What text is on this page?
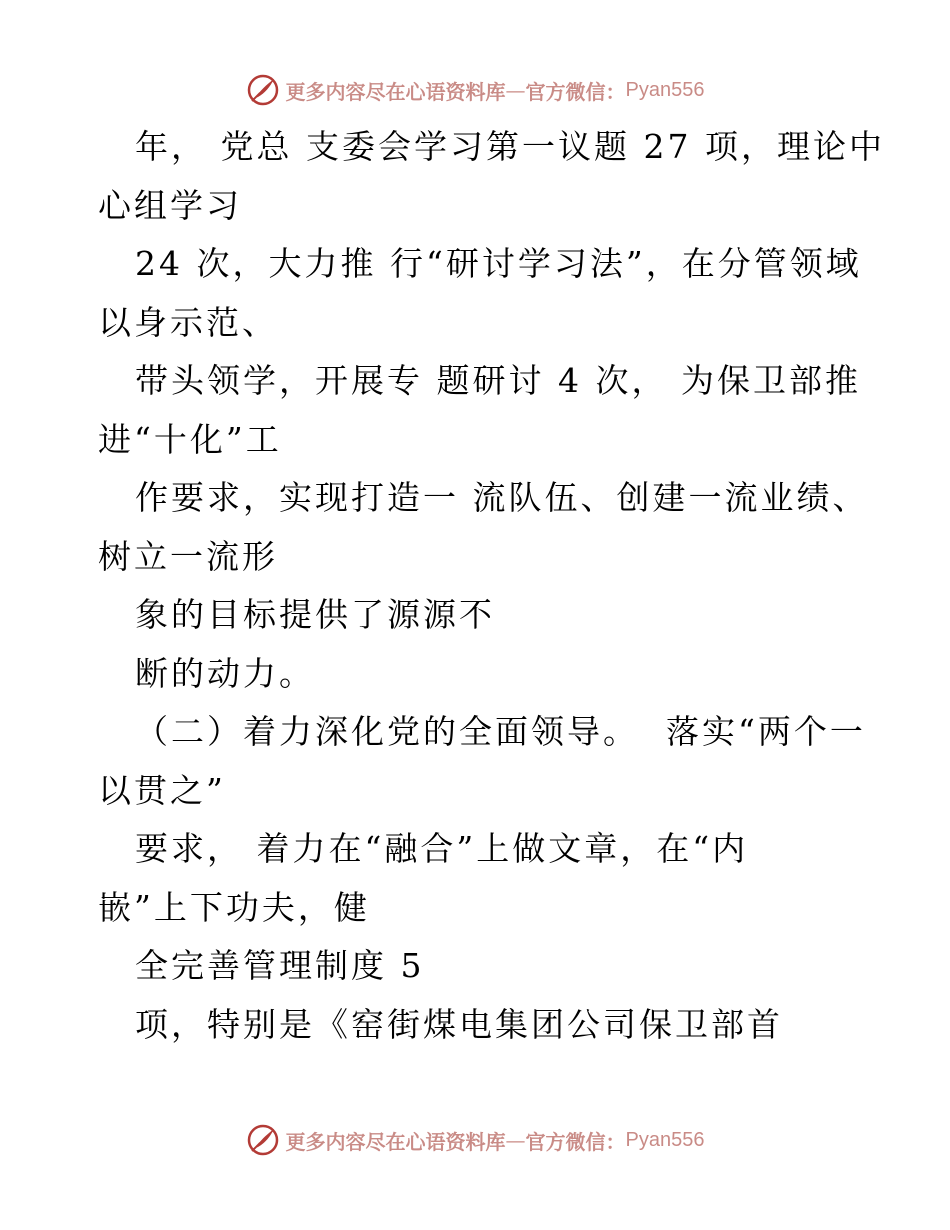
更多内容尽在心语资料库 — 官方微信： Pyan556
年， 党总 支委会学习第一议题 27 项，理论中
心组学习
24 次，大力推 行“研讨学习法”，在分管领域
以身示范、
带头领学，开展专 题研讨 4 次， 为保卫部推
进“十化”工
作要求，实现打造一 流队伍、创建一流业绩、
树立一流形
象的目标提供了源源不
断的动力。
（二）着力深化党的全面领导。  落实“两个一
以贯之”
要求， 着力在“融合”上做文章，在“内
嵌”上下功夫，健
全完善管理制度 5
项，特别是《窑街煤电集团公司保卫部首
更多内容尽在心语资料库 — 官方微信： Pyan556
